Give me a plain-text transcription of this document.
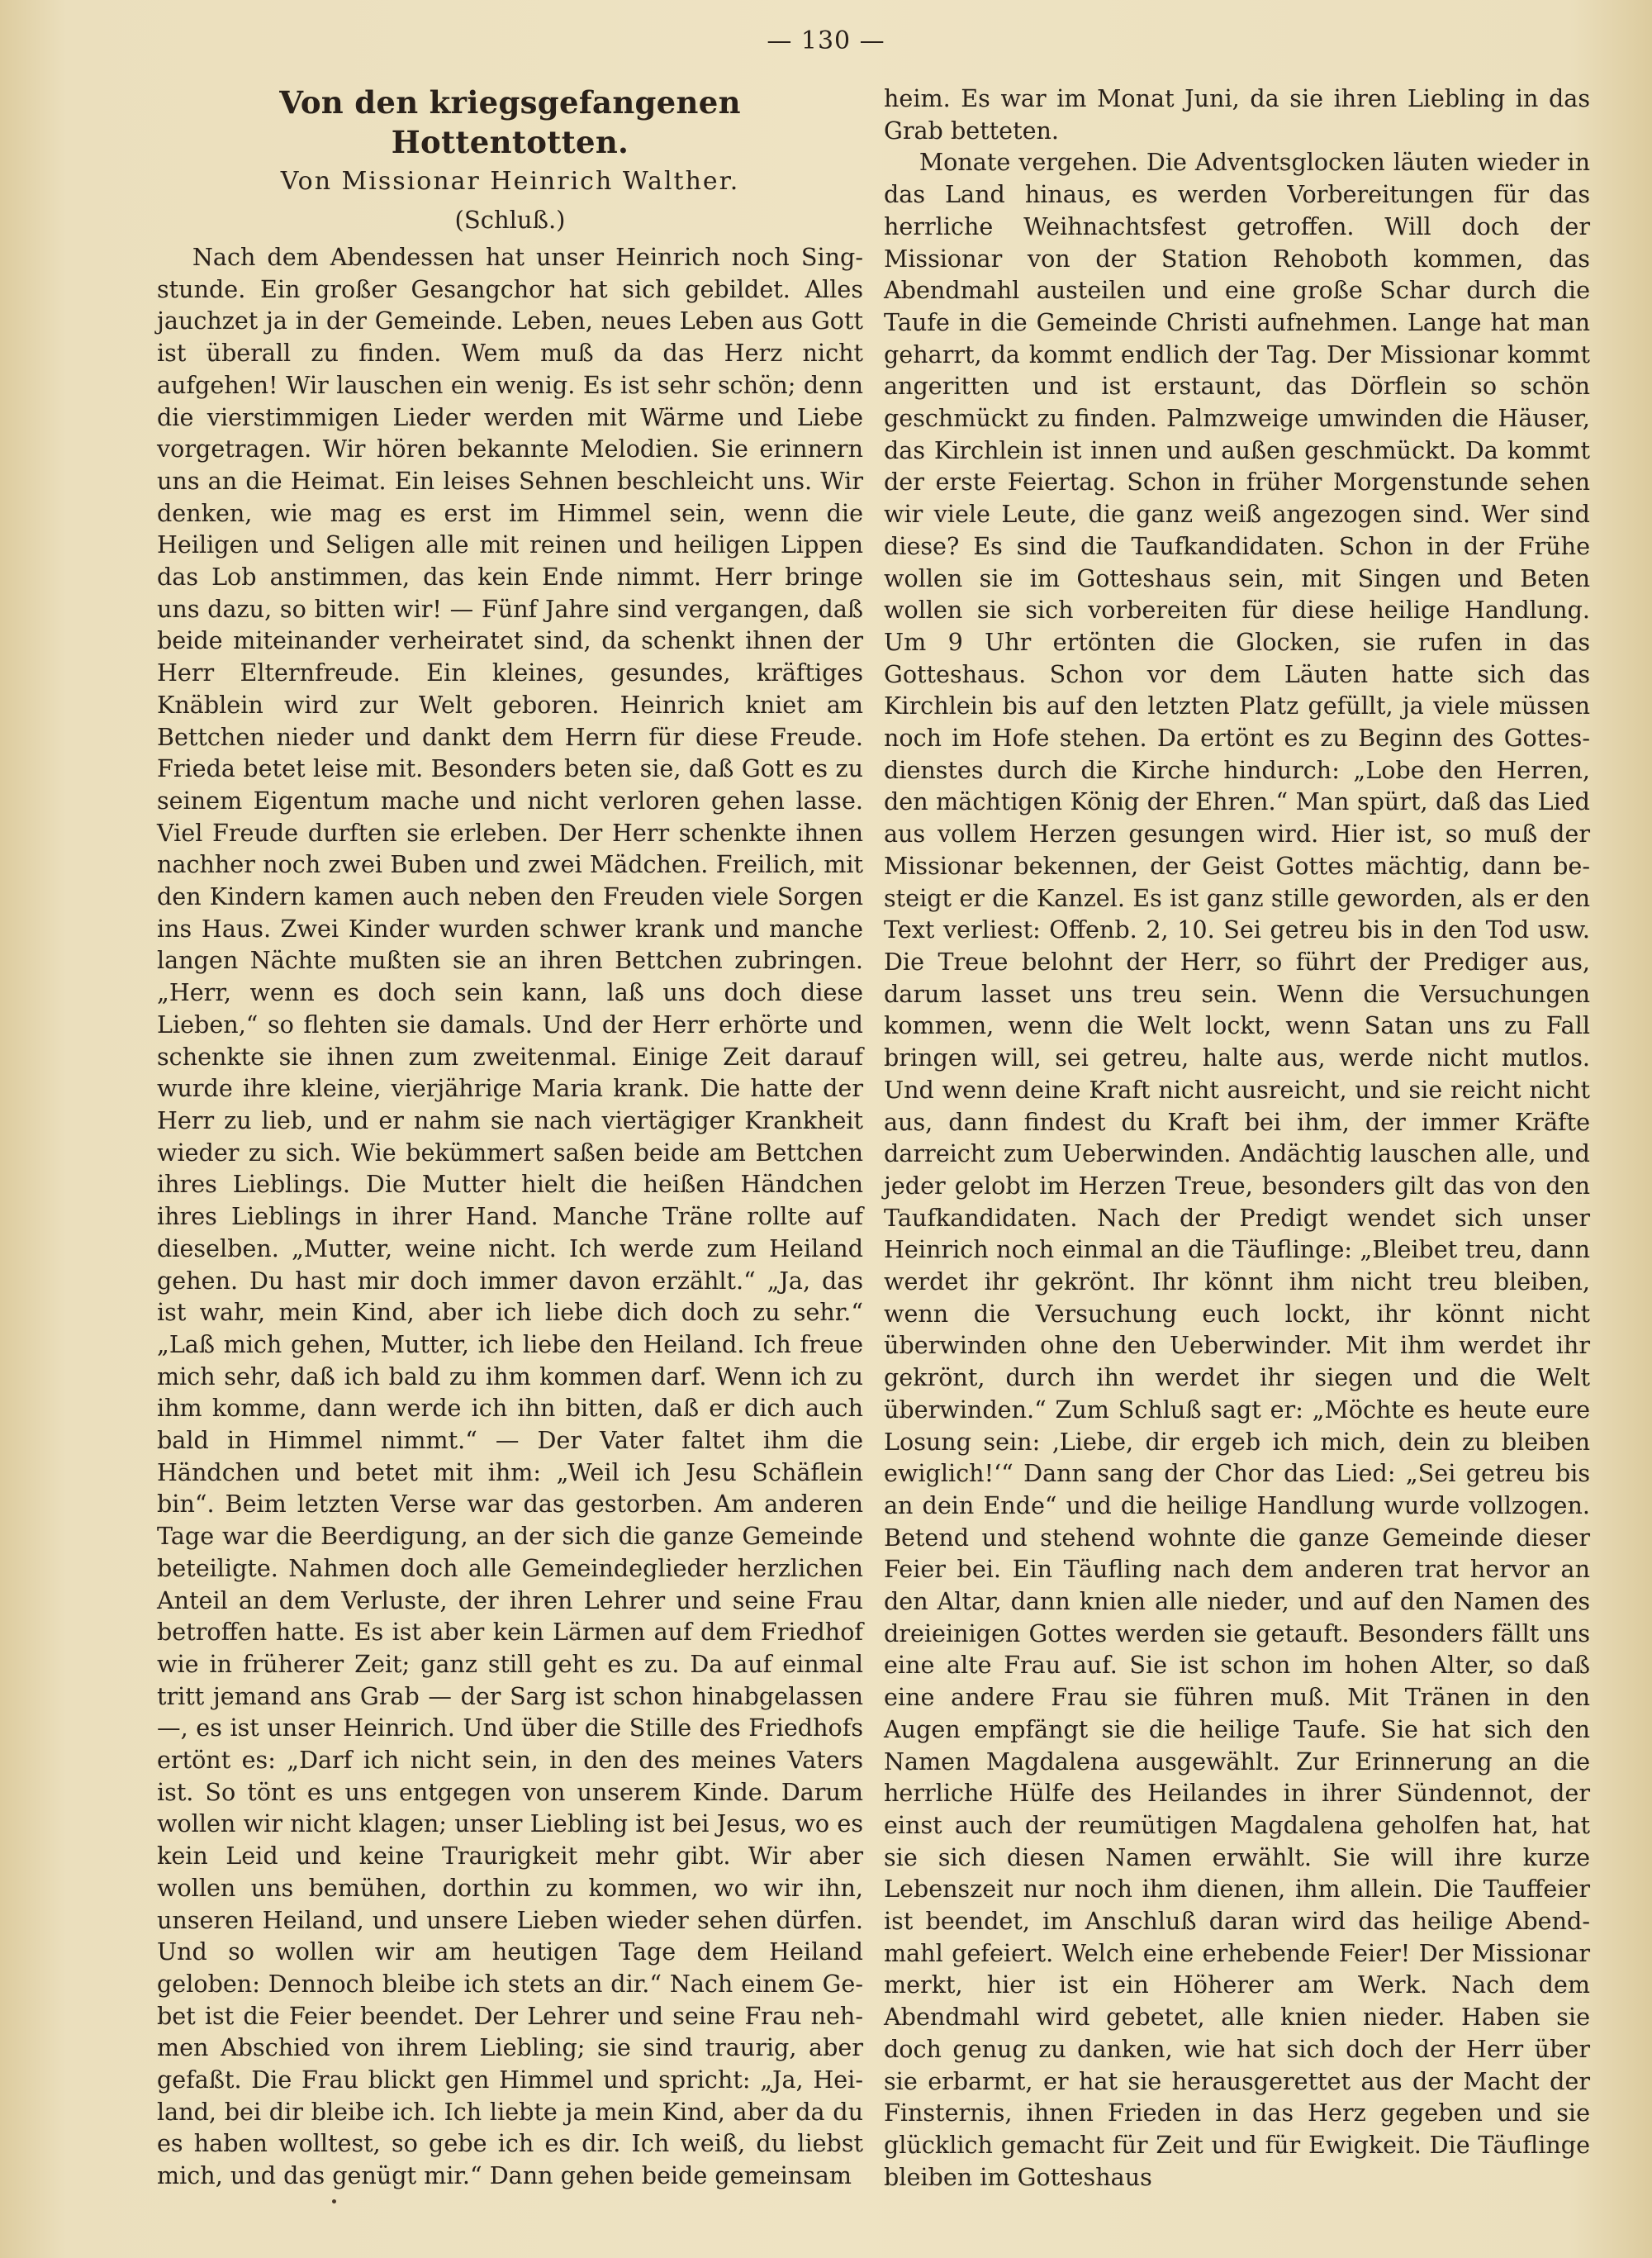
— 130 —
Von den kriegsgefangenen Hottentotten.
Von Missionar Heinrich Walther.
(Schluß.)

Nach dem Abendessen hat unser Heinrich noch Singstunde. Ein großer Gesangchor hat sich gebildet. Alles jauchzet ja in der Gemeinde. Leben, neues Leben aus Gott ist überall zu finden. Wem muß da das Herz nicht aufgehen! Wir lauschen ein wenig. Es ist sehr schön; denn die vierstimmigen Lieder werden mit Wärme und Liebe vorgetragen. Wir hören bekannte Melodien. Sie erinnern uns an die Heimat. Ein leises Sehnen beschleicht uns. Wir denken, wie mag es erst im Himmel sein, wenn die Heiligen und Seligen alle mit reinen und heiligen Lippen das Lob anstimmen, das kein Ende nimmt. Herr bringe uns dazu, so bitten wir! — Fünf Jahre sind vergangen, daß beide miteinander verheiratet sind, da schenkt ihnen der Herr Elternfreude. Ein kleines, gesundes, kräftiges Knäblein wird zur Welt geboren. Heinrich kniet am Bettchen nieder und dankt dem Herrn für diese Freude. Frieda betet leise mit. Besonders beten sie, daß Gott es zu seinem Eigentum mache und nicht verloren gehen lasse. Viel Freude durften sie erleben. Der Herr schenkte ihnen nachher noch zwei Buben und zwei Mädchen. Freilich, mit den Kindern kamen auch neben den Freuden viele Sorgen ins Haus. Zwei Kinder wurden schwer krank und manche langen Nächte mußten sie an ihren Bettchen zubringen. „Herr, wenn es doch sein kann, laß uns doch diese Lieben,“ so flehten sie damals. Und der Herr erhörte und schenkte sie ihnen zum zweitenmal. Einige Zeit darauf wurde ihre kleine, vierjährige Maria krank. Die hatte der Herr zu lieb, und er nahm sie nach viertägiger Krankheit wieder zu sich. Wie bekümmert saßen beide am Bettchen ihres Lieblings. Die Mutter hielt die heißen Händchen ihres Lieblings in ihrer Hand. Manche Träne rollte auf dieselben. „Mutter, weine nicht. Ich werde zum Heiland gehen. Du hast mir doch immer davon erzählt.“ „Ja, das ist wahr, mein Kind, aber ich liebe dich doch zu sehr.“ „Laß mich gehen, Mutter, ich liebe den Heiland. Ich freue mich sehr, daß ich bald zu ihm kommen darf. Wenn ich zu ihm komme, dann werde ich ihn bitten, daß er dich auch bald in Himmel nimmt.“ — Der Vater faltet ihm die Händchen und betet mit ihm: „Weil ich Jesu Schäflein bin“. Beim letzten Verse war das gestorben. Am anderen Tage war die Beerdigung, an der sich die ganze Gemeinde beteiligte. Nahmen doch alle Gemeindeglieder herzlichen Anteil an dem Verluste, der ihren Lehrer und seine Frau betroffen hatte. Es ist aber kein Lärmen auf dem Friedhof wie in früherer Zeit; ganz still geht es zu. Da auf einmal tritt jemand ans Grab — der Sarg ist schon hinabgelassen —, es ist unser Heinrich. Und über die Stille des Friedhofs ertönt es: „Darf ich nicht sein, in den des meines Vaters ist. So tönt es uns entgegen von unserem Kinde. Darum wollen wir nicht klagen; unser Liebling ist bei Jesus, wo es kein Leid und keine Traurigkeit mehr gibt. Wir aber wollen uns bemühen, dorthin zu kommen, wo wir ihn, unseren Heiland, und unsere Lieben wieder sehen dürfen. Und so wollen wir am heutigen Tage dem Heiland geloben: Dennoch bleibe ich stets an dir.“ Nach einem Gebet ist die Feier beendet. Der Lehrer und seine Frau nehmen Abschied von ihrem Liebling; sie sind traurig, aber gefaßt. Die Frau blickt gen Himmel und spricht: „Ja, Heiland, bei dir bleibe ich. Ich liebte ja mein Kind, aber da du es haben wolltest, so gebe ich es dir. Ich weiß, du liebst mich, und das genügt mir.“ Dann gehen beide gemeinsam

heim. Es war im Monat Juni, da sie ihren Liebling in das Grab betteten.

Monate vergehen. Die Adventsglocken läuten wieder in das Land hinaus, es werden Vorbereitungen für das herrliche Weihnachtsfest getroffen. Will doch der Missionar von der Station Rehoboth kommen, das Abendmahl austeilen und eine große Schar durch die Taufe in die Gemeinde Christi aufnehmen. Lange hat man geharrt, da kommt endlich der Tag. Der Missionar kommt angeritten und ist erstaunt, das Dörflein so schön geschmückt zu finden. Palmzweige umwinden die Häuser, das Kirchlein ist innen und außen geschmückt. Da kommt der erste Feiertag. Schon in früher Morgenstunde sehen wir viele Leute, die ganz weiß angezogen sind. Wer sind diese? Es sind die Taufkandidaten. Schon in der Frühe wollen sie im Gotteshaus sein, mit Singen und Beten wollen sie sich vorbereiten für diese heilige Handlung. Um 9 Uhr ertönten die Glocken, sie rufen in das Gotteshaus. Schon vor dem Läuten hatte sich das Kirchlein bis auf den letzten Platz gefüllt, ja viele müssen noch im Hofe stehen. Da ertönt es zu Beginn des Gottesdienstes durch die Kirche hindurch: „Lobe den Herren, den mächtigen König der Ehren.“ Man spürt, daß das Lied aus vollem Herzen gesungen wird. Hier ist, so muß der Missionar bekennen, der Geist Gottes mächtig, dann besteigt er die Kanzel. Es ist ganz stille geworden, als er den Text verliest: Offenb. 2, 10. Sei getreu bis in den Tod usw. Die Treue belohnt der Herr, so führt der Prediger aus, darum lasset uns treu sein. Wenn die Versuchungen kommen, wenn die Welt lockt, wenn Satan uns zu Fall bringen will, sei getreu, halte aus, werde nicht mutlos. Und wenn deine Kraft nicht ausreicht, und sie reicht nicht aus, dann findest du Kraft bei ihm, der immer Kräfte darreicht zum Ueberwinden. Andächtig lauschen alle, und jeder gelobt im Herzen Treue, besonders gilt das von den Taufkandidaten. Nach der Predigt wendet sich unser Heinrich noch einmal an die Täuflinge: „Bleibet treu, dann werdet ihr gekrönt. Ihr könnt ihm nicht treu bleiben, wenn die Versuchung euch lockt, ihr könnt nicht überwinden ohne den Ueberwinder. Mit ihm werdet ihr gekrönt, durch ihn werdet ihr siegen und die Welt überwinden.“ Zum Schluß sagt er: „Möchte es heute eure Losung sein: ‚Liebe, dir ergeb ich mich, dein zu bleiben ewiglich!‘“ Dann sang der Chor das Lied: „Sei getreu bis an dein Ende“ und die heilige Handlung wurde vollzogen. Betend und stehend wohnte die ganze Gemeinde dieser Feier bei. Ein Täufling nach dem anderen trat hervor an den Altar, dann knien alle nieder, und auf den Namen des dreieinigen Gottes werden sie getauft. Besonders fällt uns eine alte Frau auf. Sie ist schon im hohen Alter, so daß eine andere Frau sie führen muß. Mit Tränen in den Augen empfängt sie die heilige Taufe. Sie hat sich den Namen Magdalena ausgewählt. Zur Erinnerung an die herrliche Hülfe des Heilandes in ihrer Sündennot, der einst auch der reumütigen Magdalena geholfen hat, hat sie sich diesen Namen erwählt. Sie will ihre kurze Lebenszeit nur noch ihm dienen, ihm allein. Die Tauffeier ist beendet, im Anschluß daran wird das heilige Abendmahl gefeiert. Welch eine erhebende Feier! Der Missionar merkt, hier ist ein Höherer am Werk. Nach dem Abendmahl wird gebetet, alle knien nieder. Haben sie doch genug zu danken, wie hat sich doch der Herr über sie erbarmt, er hat sie herausgerettet aus der Macht der Finsternis, ihnen Frieden in das Herz gegeben und sie glücklich gemacht für Zeit und für Ewigkeit. Die Täuflinge bleiben im Gotteshaus
